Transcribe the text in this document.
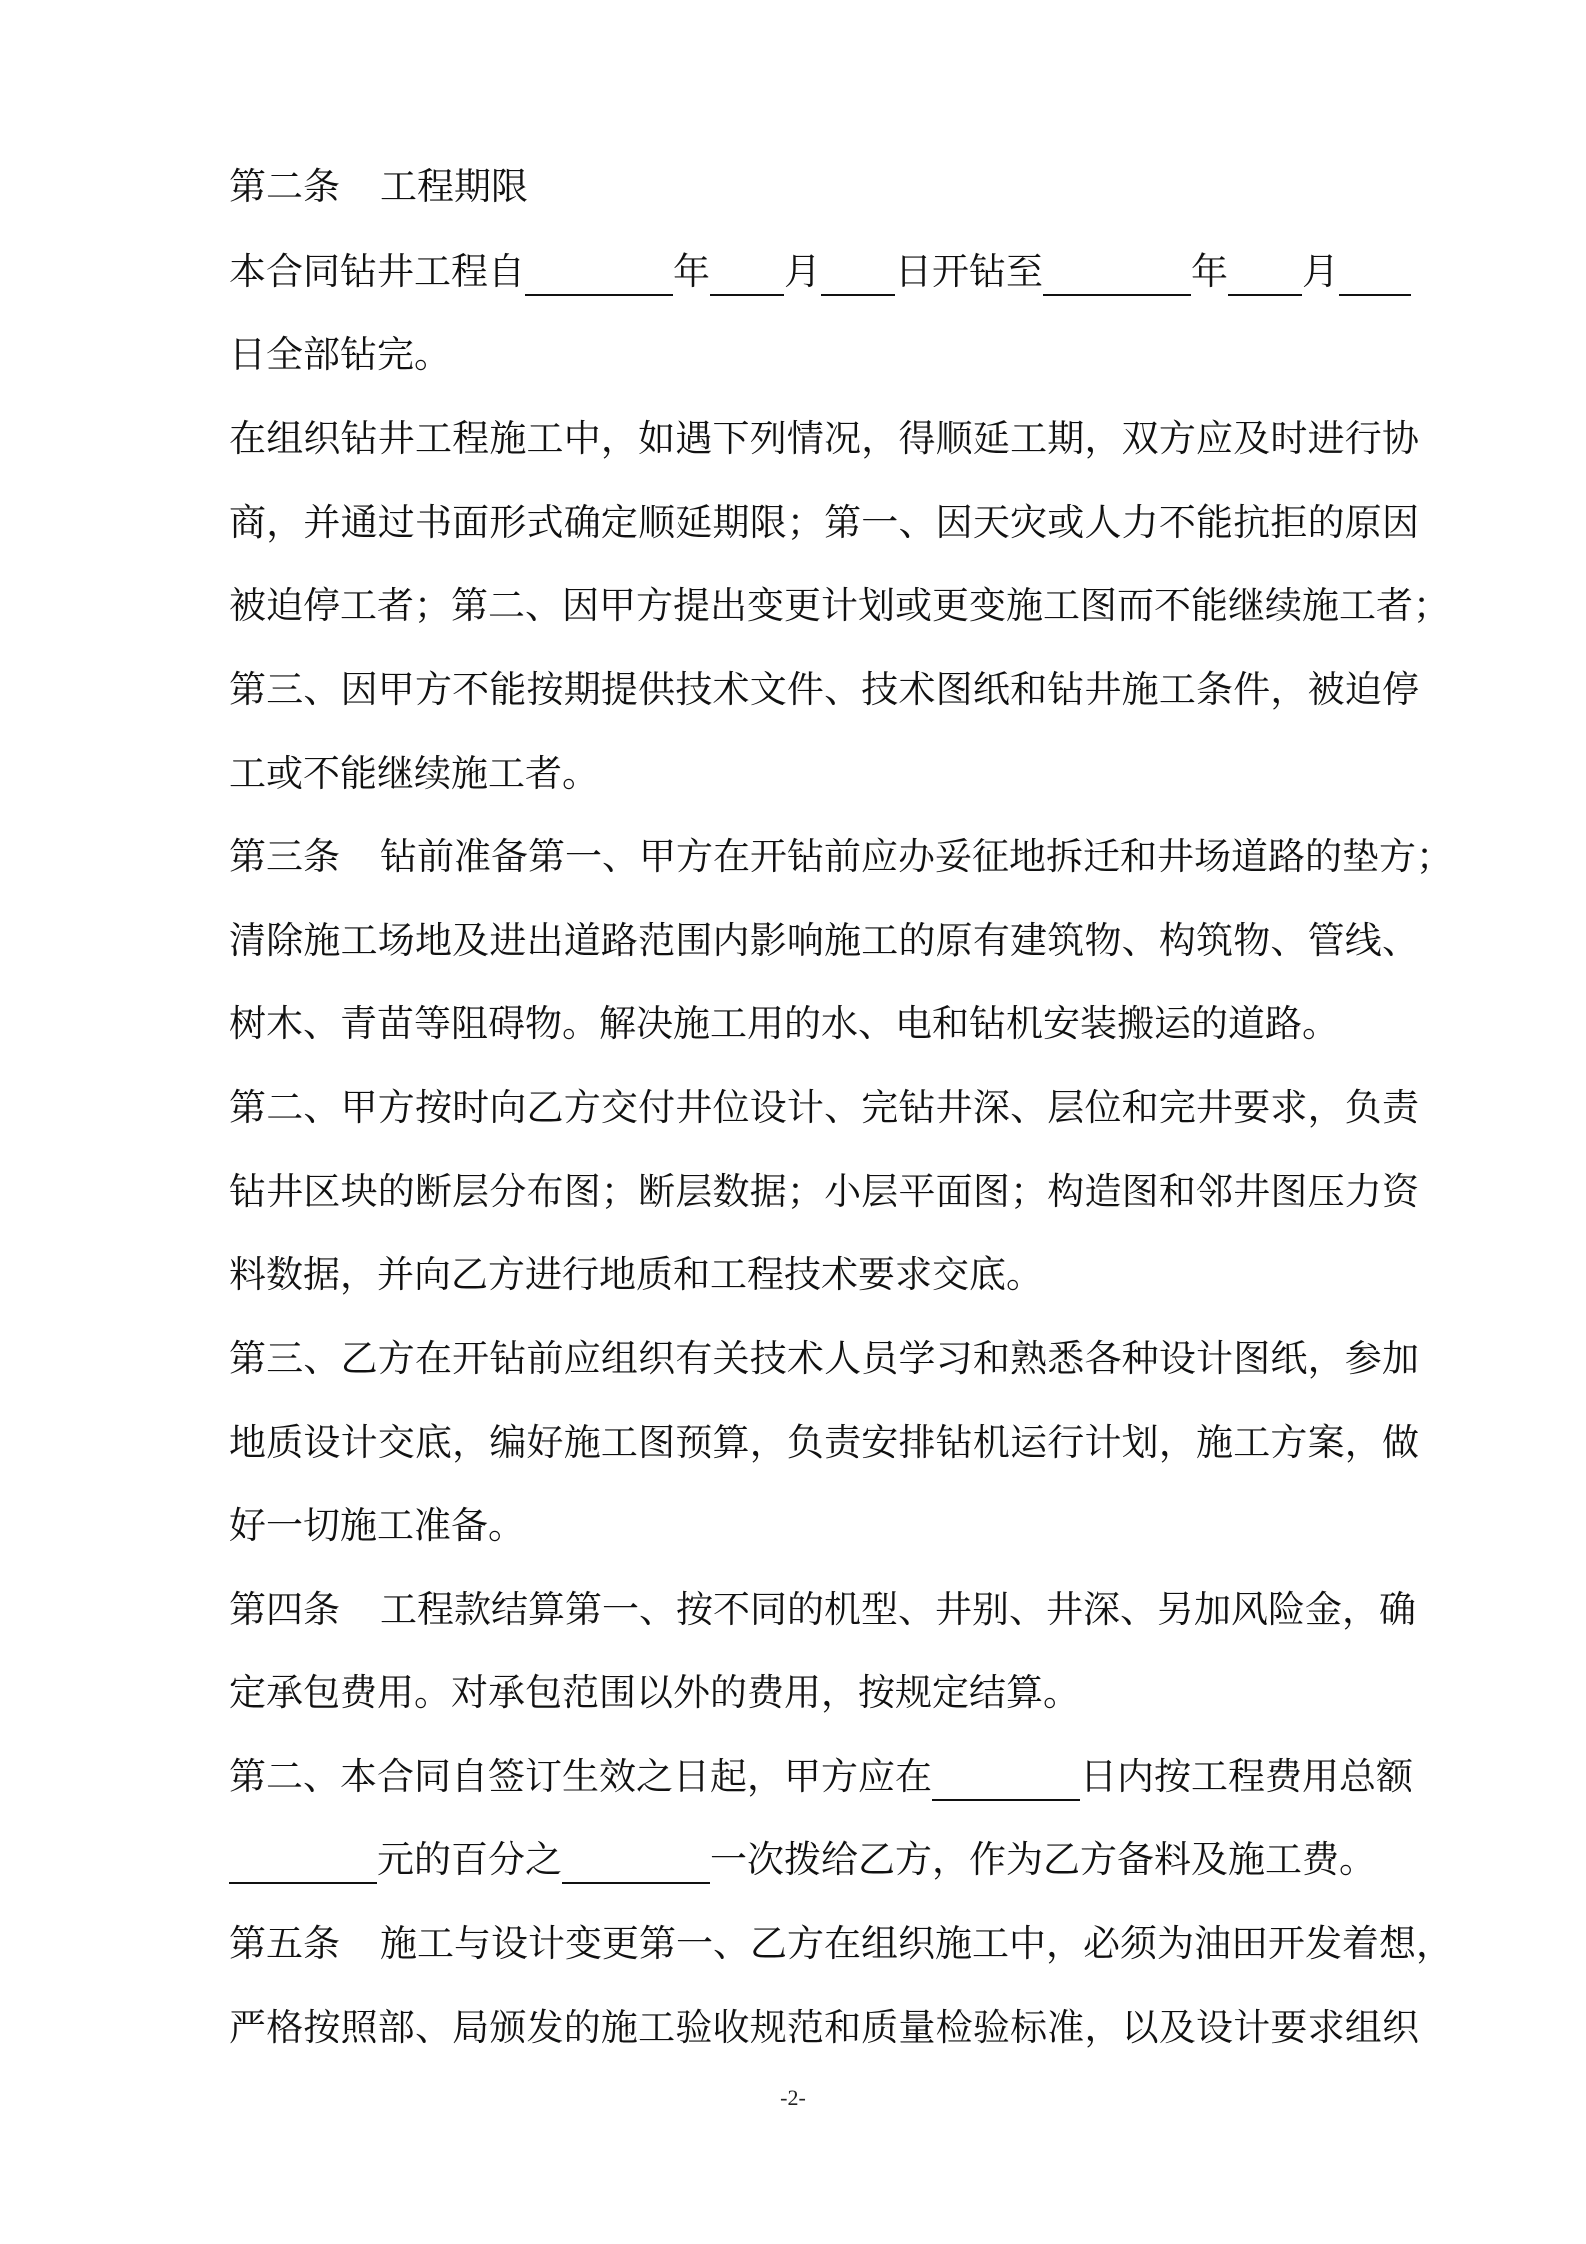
第二条 工程期限
本合同钻井工程自	年 月 日开钻至	年 月
日全部钻完。
在组织钻井工程施工中，如遇下列情况，得顺延工期，双方应及时进行协
商，并通过书面形式确定顺延期限；第一、因天灾或人力不能抗拒的原因
被迫停工者；第二、因甲方提出变更计划或更变施工图而不能继续施工者；
第三、因甲方不能按期提供技术文件、技术图纸和钻井施工条件，被迫停
工或不能继续施工者。
第三条 钻前准备第一、甲方在开钻前应办妥征地拆迁和井场道路的垫方；
清除施工场地及进出道路范围内影响施工的原有建筑物、构筑物、管线、
树木、青苗等阻碍物。解决施工用的水、电和钻机安装搬运的道路。
第二、甲方按时向乙方交付井位设计、完钻井深、层位和完井要求，负责
钻井区块的断层分布图；断层数据；小层平面图；构造图和邻井图压力资
料数据，并向乙方进行地质和工程技术要求交底。
第三、乙方在开钻前应组织有关技术人员学习和熟悉各种设计图纸，参加
地质设计交底，编好施工图预算，负责安排钻机运行计划，施工方案，做
好一切施工准备。
第四条 工程款结算第一、按不同的机型、井别、井深、另加风险金，确
定承包费用。对承包范围以外的费用，按规定结算。
第二、本合同自签订生效之日起，甲方应在	日内按工程费用总额
元的百分之	一次拨给乙方，作为乙方备料及施工费。
第五条 施工与设计变更第一、乙方在组织施工中，必须为油田开发着想，
严格按照部、局颁发的施工验收规范和质量检验标准，以及设计要求组织
-2-
